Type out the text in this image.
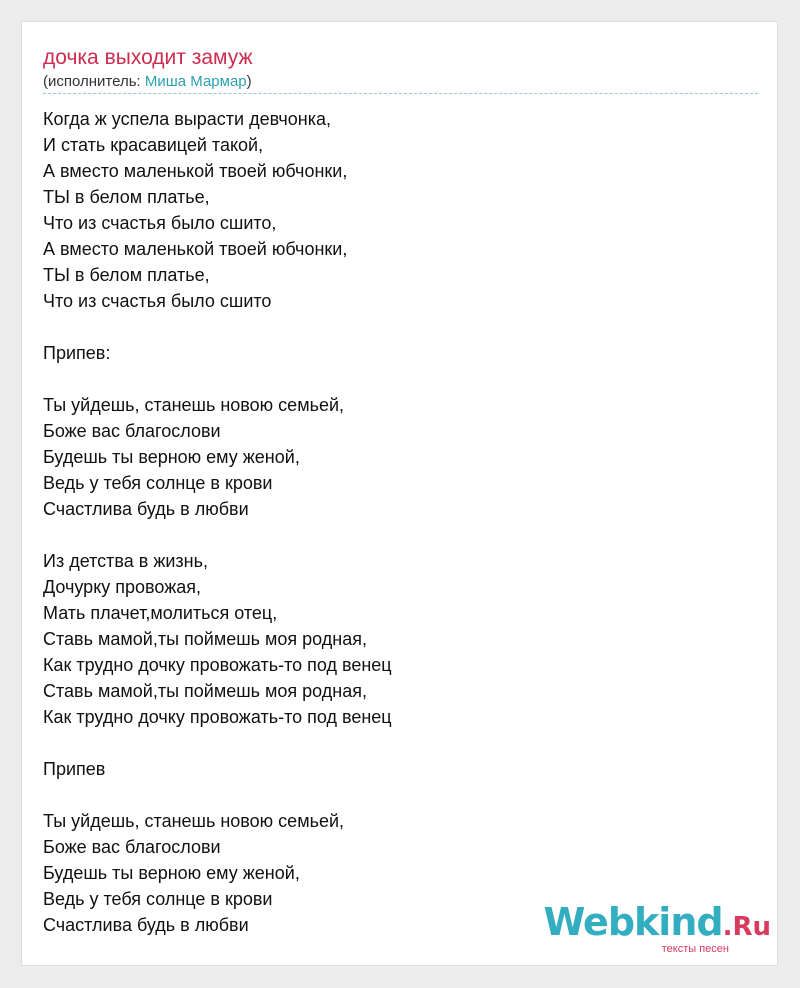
дочка выходит замуж
(исполнитель: Миша Мармар)
Когда ж успела вырасти девчонка,
И стать красавицей такой,
А вместо маленькой твоей юбчонки,
ТЫ в белом платье,
Что из счастья было сшито,
А вместо маленькой твоей юбчонки,
ТЫ в белом платье,
Что из счастья было сшито
Припев:
Ты уйдешь, станешь новою семьей,
Боже вас благослови
Будешь ты верною ему женой,
Ведь у тебя солнце в крови
Счастлива будь в любви
Из детства в жизнь,
Дочурку провожая,
Мать плачет,молиться отец,
Ставь мамой,ты поймешь моя родная,
Как трудно дочку провожать-то под венец
Ставь мамой,ты поймешь моя родная,
Как трудно дочку провожать-то под венец
Припев
Ты уйдешь, станешь новою семьей,
Боже вас благослови
Будешь ты верною ему женой,
Ведь у тебя солнце в крови
Счастлива будь в любви	Webkind.Ru
тексты песен
